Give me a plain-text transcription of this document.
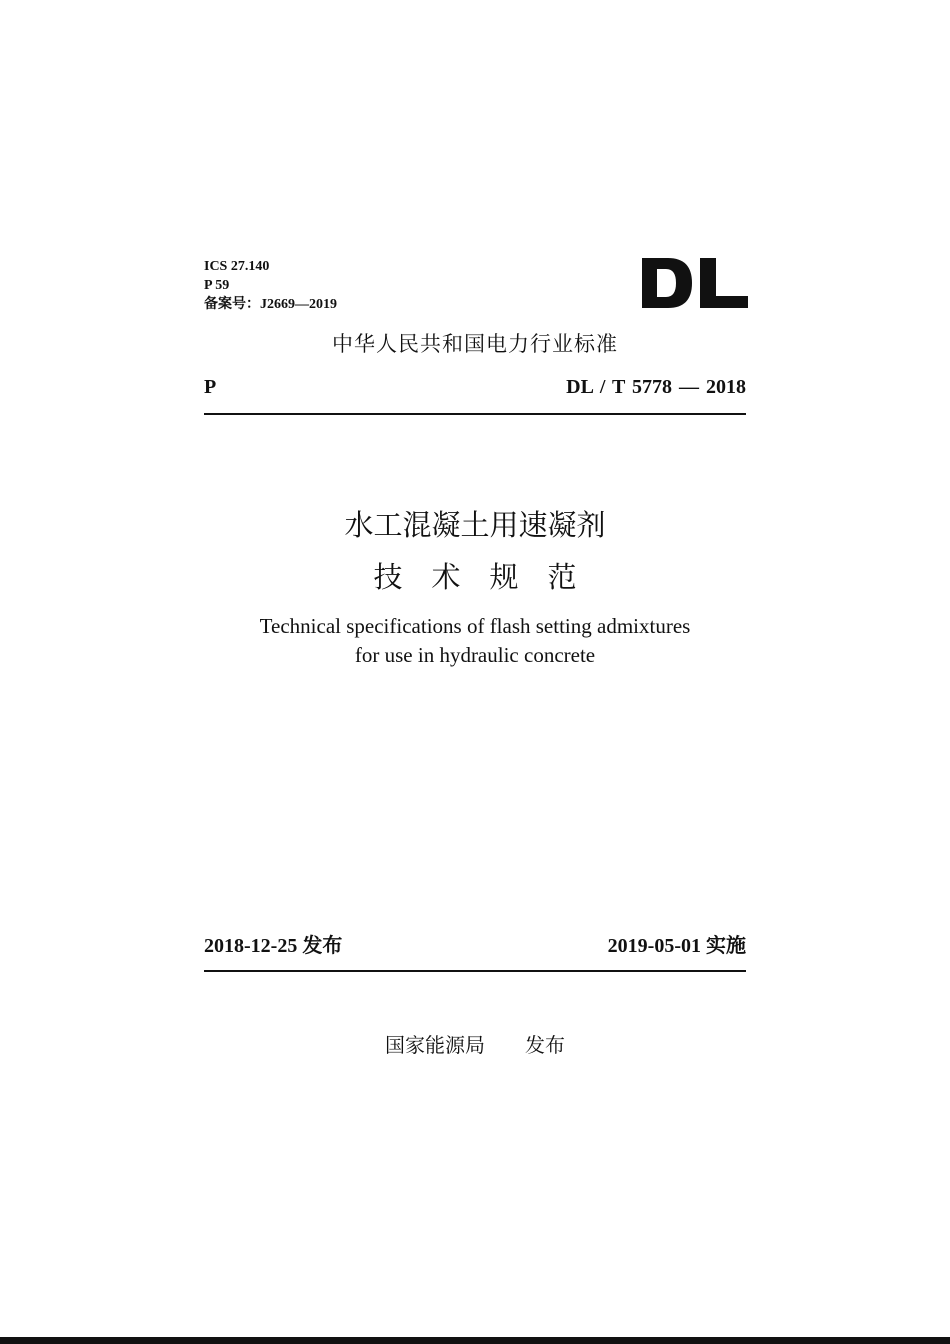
ICS 27.140
P 59
备案号：J2669—2019
中华人民共和国电力行业标准
P	DL / T 5778 — 2018
水工混凝土用速凝剂
技　术　规　范
Technical specifications of flash setting admixtures
for use in hydraulic concrete
2018-12-25 发布	2019-05-01 实施
国家能源局　　发布
